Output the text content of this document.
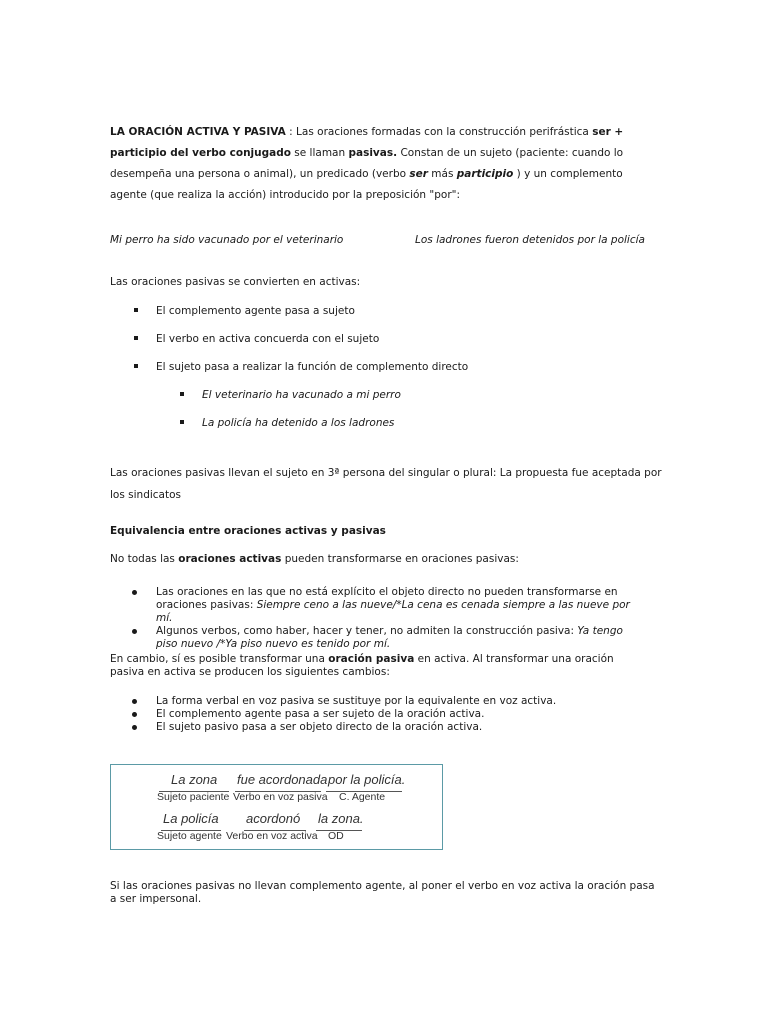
LA ORACIÓN ACTIVA Y PASIVA : Las oraciones formadas con la construcción perifrástica ser + participio del verbo conjugado se llaman pasivas. Constan de un sujeto (paciente: cuando lo desempeña una persona o animal), un predicado (verbo ser más participio ) y un complemento agente (que realiza la acción) introducido por la preposición "por":
Mi perro ha sido vacunado por el veterinario	Los ladrones fueron detenidos por la policía
Las oraciones pasivas se convierten en activas:
El complemento agente pasa a sujeto
El verbo en activa concuerda con el sujeto
El sujeto pasa a realizar la función de complemento directo
El veterinario ha vacunado a mi perro
La policía ha detenido a los ladrones
Las oraciones pasivas llevan el sujeto en 3ª persona del singular o plural: La propuesta fue aceptada por los sindicatos
Equivalencia entre oraciones activas y pasivas
No todas las oraciones activas pueden transformarse en oraciones pasivas:
Las oraciones en las que no está explícito el objeto directo no pueden transformarse en oraciones pasivas: Siempre ceno a las nueve/*La cena es cenada siempre a las nueve por mí.
Algunos verbos, como haber, hacer y tener, no admiten la construcción pasiva: Ya tengo piso nuevo /*Ya piso nuevo es tenido por mí.
En cambio, sí es posible transformar una oración pasiva en activa. Al transformar una oración pasiva en activa se producen los siguientes cambios:
La forma verbal en voz pasiva se sustituye por la equivalente en voz activa.
El complemento agente pasa a ser sujeto de la oración activa.
El sujeto pasivo pasa a ser objeto directo de la oración activa.
La zona
Sujeto paciente
fue acordonada
Verbo en voz pasiva
por la policía.
C. Agente
La policía
Sujeto agente
acordonó
Verbo en voz activa
la zona.
OD
Si las oraciones pasivas no llevan complemento agente, al poner el verbo en voz activa la oración pasa a ser impersonal.
